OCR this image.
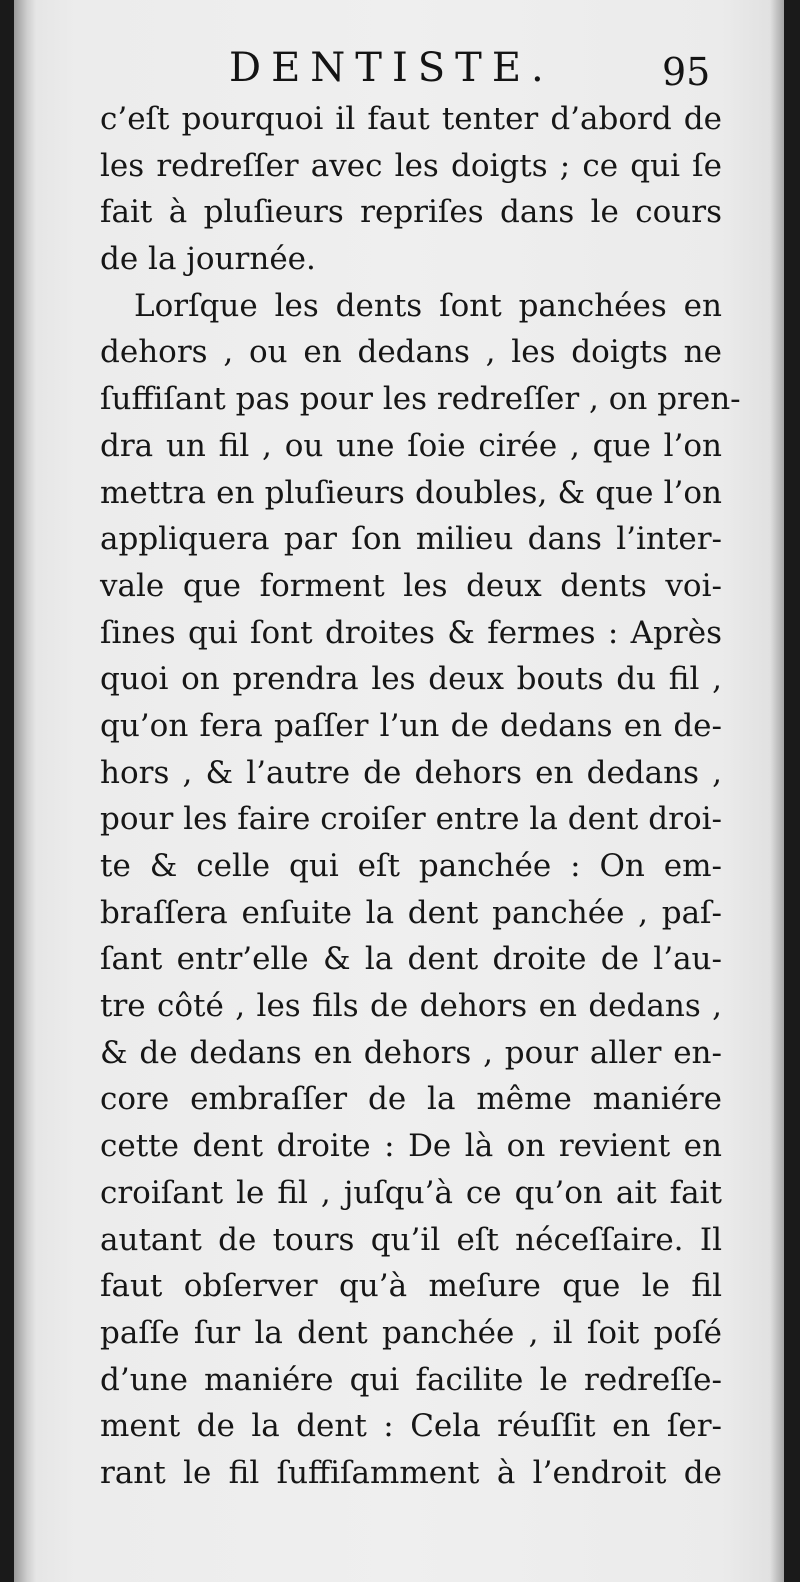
DENTISTE.	95
c’eſt pourquoi il faut tenter d’abord de
les redreſſer avec les doigts ; ce qui ſe
fait à pluſieurs repriſes dans le cours
de la journée.
Lorſque les dents ſont panchées en
dehors , ou en dedans , les doigts ne
ſuffiſant pas pour les redreſſer , on pren-
dra un fil , ou une ſoie cirée , que l’on
mettra en pluſieurs doubles, & que l’on
appliquera par ſon milieu dans l’inter-
vale que forment les deux dents voi-
ſines qui ſont droites & fermes : Après
quoi on prendra les deux bouts du fil ,
qu’on fera paſſer l’un de dedans en de-
hors , & l’autre de dehors en dedans ,
pour les faire croiſer entre la dent droi-
te & celle qui eſt panchée : On em-
braſſera enſuite la dent panchée , paſ-
ſant entr’elle & la dent droite de l’au-
tre côté , les fils de dehors en dedans ,
& de dedans en dehors , pour aller en-
core embraſſer de la même maniére
cette dent droite : De là on revient en
croiſant le fil , juſqu’à ce qu’on ait fait
autant de tours qu’il eſt néceſſaire. Il
faut obſerver qu’à meſure que le fil
paſſe ſur la dent panchée , il ſoit poſé
d’une maniére qui facilite le redreſſe-
ment de la dent : Cela réuſſit en ſer-
rant le fil ſuffiſamment à l’endroit de
